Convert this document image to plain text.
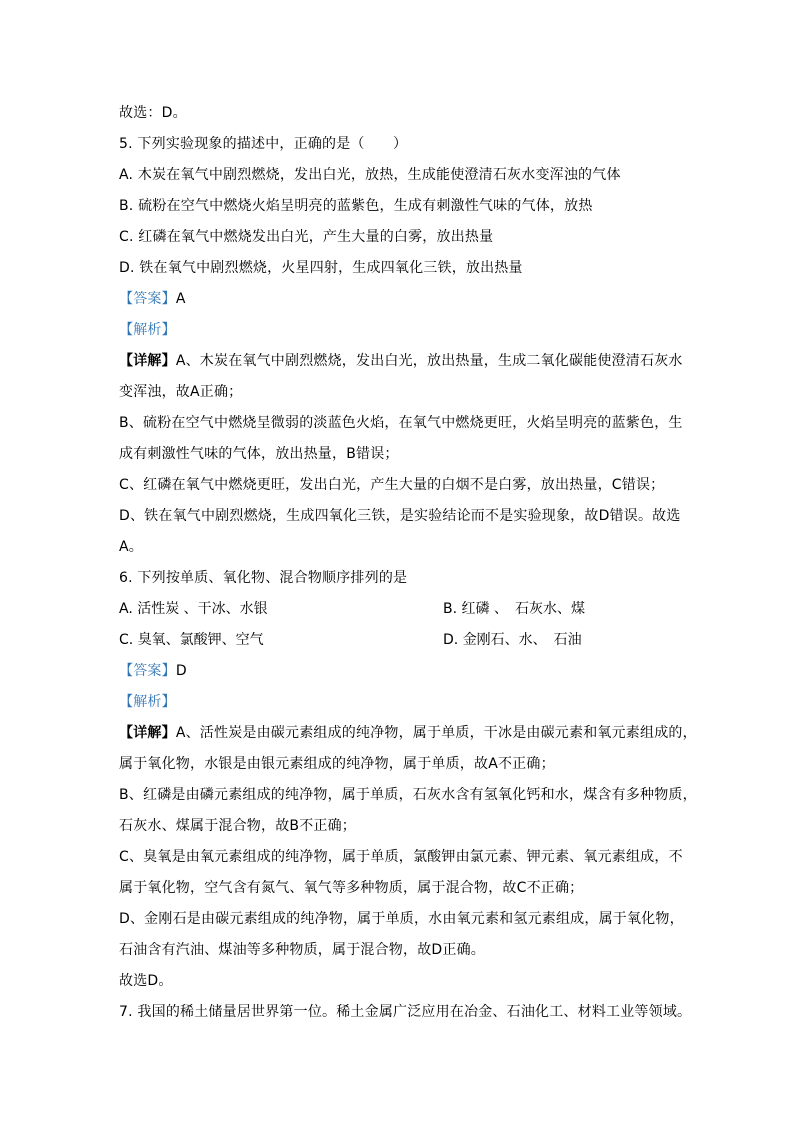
故选：D。
5. 下列实验现象的描述中，正确的是（　　）
A. 木炭在氧气中剧烈燃烧，发出白光，放热，生成能使澄清石灰水变浑浊的气体
B. 硫粉在空气中燃烧火焰呈明亮的蓝紫色，生成有刺激性气味的气体，放热
C. 红磷在氧气中燃烧发出白光，产生大量的白雾，放出热量
D. 铁在氧气中剧烈燃烧，火星四射，生成四氧化三铁，放出热量
【答案】A
【解析】
【详解】A、木炭在氧气中剧烈燃烧，发出白光，放出热量，生成二氧化碳能使澄清石灰水
变浑浊，故A正确；
B、硫粉在空气中燃烧呈微弱的淡蓝色火焰，在氧气中燃烧更旺，火焰呈明亮的蓝紫色，生
成有刺激性气味的气体，放出热量，B错误；
C、红磷在氧气中燃烧更旺，发出白光，产生大量的白烟不是白雾，放出热量，C错误；
D、铁在氧气中剧烈燃烧，生成四氧化三铁，是实验结论而不是实验现象，故D错误。故选
A。
6. 下列按单质、氧化物、混合物顺序排列的是
A. 活性炭 、干冰、水银	B. 红磷 、　石灰水、煤
C. 臭氧、氯酸钾、空气	D. 金刚石、水、　石油
【答案】D
【解析】
【详解】A、活性炭是由碳元素组成的纯净物，属于单质，干冰是由碳元素和氧元素组成的，
属于氧化物，水银是由银元素组成的纯净物，属于单质，故A不正确；
B、红磷是由磷元素组成的纯净物，属于单质，石灰水含有氢氧化钙和水，煤含有多种物质，
石灰水、煤属于混合物，故B不正确；
C、臭氧是由氧元素组成的纯净物，属于单质，氯酸钾由氯元素、钾元素、氧元素组成，不
属于氧化物，空气含有氮气、氧气等多种物质，属于混合物，故C不正确；
D、金刚石是由碳元素组成的纯净物，属于单质，水由氧元素和氢元素组成，属于氧化物，
石油含有汽油、煤油等多种物质，属于混合物，故D正确。
故选D。
7. 我国的稀土储量居世界第一位。稀土金属广泛应用在冶金、石油化工、材料工业等领域。
